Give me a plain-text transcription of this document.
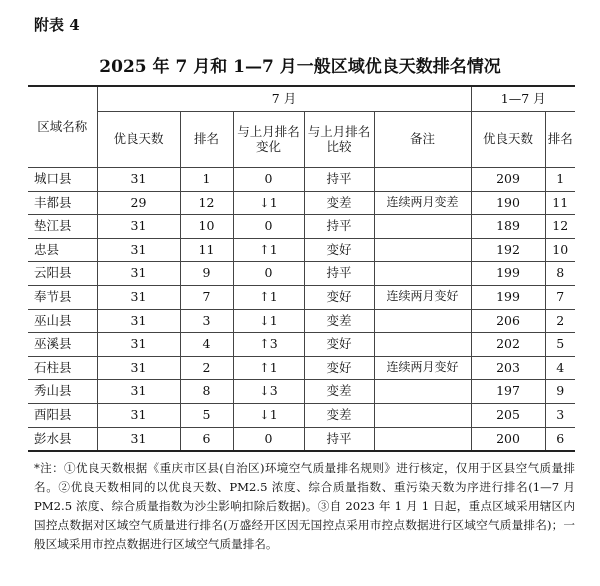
附表 4
2025 年 7 月和 1—7 月一般区域优良天数排名情况
区域名称	7 月					1—7 月	
	优良天数	排名	与上月排名变化	与上月排名比较	备注	优良天数	排名
城口县	31	1	0	持平		209	1
丰都县	29	12	↓1	变差	连续两月变差	190	11
垫江县	31	10	0	持平		189	12
忠县	31	11	↑1	变好		192	10
云阳县	31	9	0	持平		199	8
奉节县	31	7	↑1	变好	连续两月变好	199	7
巫山县	31	3	↓1	变差		206	2
巫溪县	31	4	↑3	变好		202	5
石柱县	31	2	↑1	变好	连续两月变好	203	4
秀山县	31	8	↓3	变差		197	9
酉阳县	31	5	↓1	变差		205	3
彭水县	31	6	0	持平		200	6

*注：①优良天数根据《重庆市区县(自治区)环境空气质量排名规则》进行核定，仅用于区县空气质量排名。②优良天数相同的以优良天数、PM2.5 浓度、综合质量指数、重污染天数为序进行排名(1—7 月 PM2.5 浓度、综合质量指数为沙尘影响扣除后数据)。③自 2023 年 1 月 1 日起，重点区域采用辖区内国控点数据对区域空气质量进行排名(万盛经开区因无国控点采用市控点数据进行区域空气质量排名)；一般区域采用市控点数据进行区域空气质量排名。
